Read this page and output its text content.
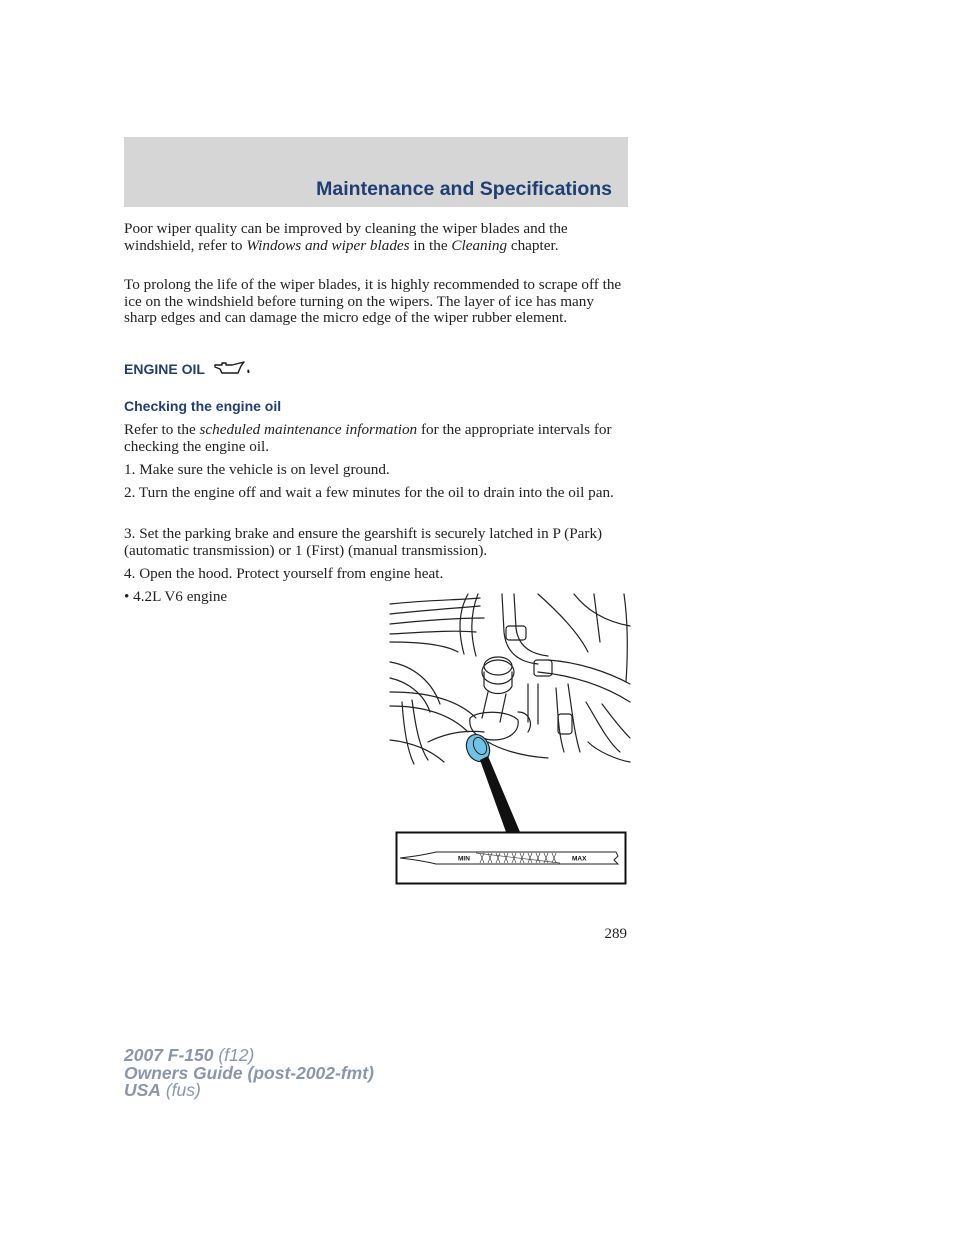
Maintenance and Specifications

Poor wiper quality can be improved by cleaning the wiper blades and the windshield, refer to Windows and wiper blades in the Cleaning chapter.

To prolong the life of the wiper blades, it is highly recommended to scrape off the ice on the windshield before turning on the wipers. The layer of ice has many sharp edges and can damage the micro edge of the wiper rubber element.

ENGINE OIL
Checking the engine oil

Refer to the scheduled maintenance information for the appropriate intervals for checking the engine oil.

1. Make sure the vehicle is on level ground.
2. Turn the engine off and wait a few minutes for the oil to drain into the oil pan.
3. Set the parking brake and ensure the gearshift is securely latched in P (Park) (automatic transmission) or 1 (First) (manual transmission).
4. Open the hood. Protect yourself from engine heat.
• 4.2L V6 engine
MIN	MAX
289
2007 F-150 (f12)
Owners Guide (post-2002-fmt)
USA (fus)
